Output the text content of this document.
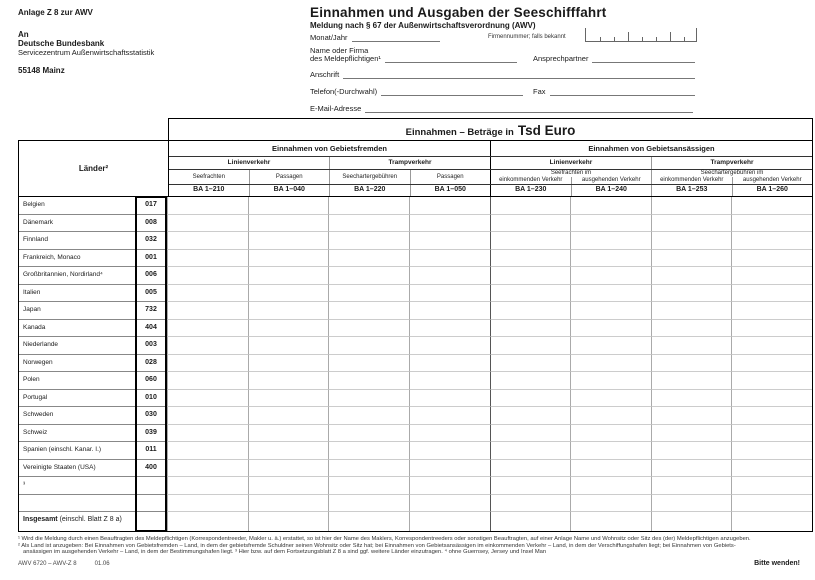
Anlage Z 8 zur AWV
An
Deutsche Bundesbank
Servicezentrum Außenwirtschaftsstatistik
55148 Mainz
Einnahmen und Ausgaben der Seeschifffahrt
Meldung nach § 67 der Außenwirtschaftsverordnung (AWV)
Monat/Jahr	Firmennummer; falls bekannt
Name oder Firma
des Meldepflichtigen¹	Ansprechpartner
Anschrift
Telefon(-Durchwahl)	Fax
E-Mail-Adresse
Länder²
Einnahmen – Beträge in Tsd Euro
Einnahmen von Gebietsfremden	Einnahmen von Gebietsansässigen
Linienverkehr	Trampverkehr	Linienverkehr	Trampverkehr
Seefrachten	Passagen	Seechartergebühren	Passagen
Seefrachten im
einkommenden Verkehr	ausgehenden Verkehr
Seechartergebühren im
einkommenden Verkehr	ausgehenden Verkehr
BA 1–210	BA 1–040	BA 1–220	BA 1–050	BA 1–230	BA 1–240	BA 1–253	BA 1–260
Belgien	017
Dänemark	008
Finnland	032
Frankreich, Monaco	001
Großbritannien, Nordirland⁴	006
Italien	005
Japan	732
Kanada	404
Niederlande	003
Norwegen	028
Polen	060
Portugal	010
Schweden	030
Schweiz	039
Spanien (einschl. Kanar. I.)	011
Vereinigte Staaten (USA)	400
³
Insgesamt (einschl. Blatt Z 8 a)
¹ Wird die Meldung durch einen Beauftragten des Meldepflichtigen (Korrespondentreeder, Makler u. ä.) erstattet, so ist hier der Name des Maklers, Korrespondentreeders oder sonstigen Beauftragten, auf einer Anlage Name und Wohnsitz oder Sitz des (der) Meldepflichtigen anzugeben.
² Als Land ist anzugeben: Bei Einnahmen von Gebietsfremden – Land, in dem der gebietsfremde Schuldner seinen Wohnsitz oder Sitz hat; bei Einnahmen von Gebietsansässigen im einkommenden Verkehr – Land, in dem der Verschiffungshafen liegt; bei Einnahmen von Gebiets-
ansässigen im ausgehenden Verkehr – Land, in dem der Bestimmungshafen liegt. ³ Hier bzw. auf dem Fortsetzungsblatt Z 8 a sind ggf. weitere Länder einzutragen. ⁴ ohne Guernsey, Jersey und Insel Man
AWV 6720 – AWV-Z 8	01.06	Bitte wenden!
